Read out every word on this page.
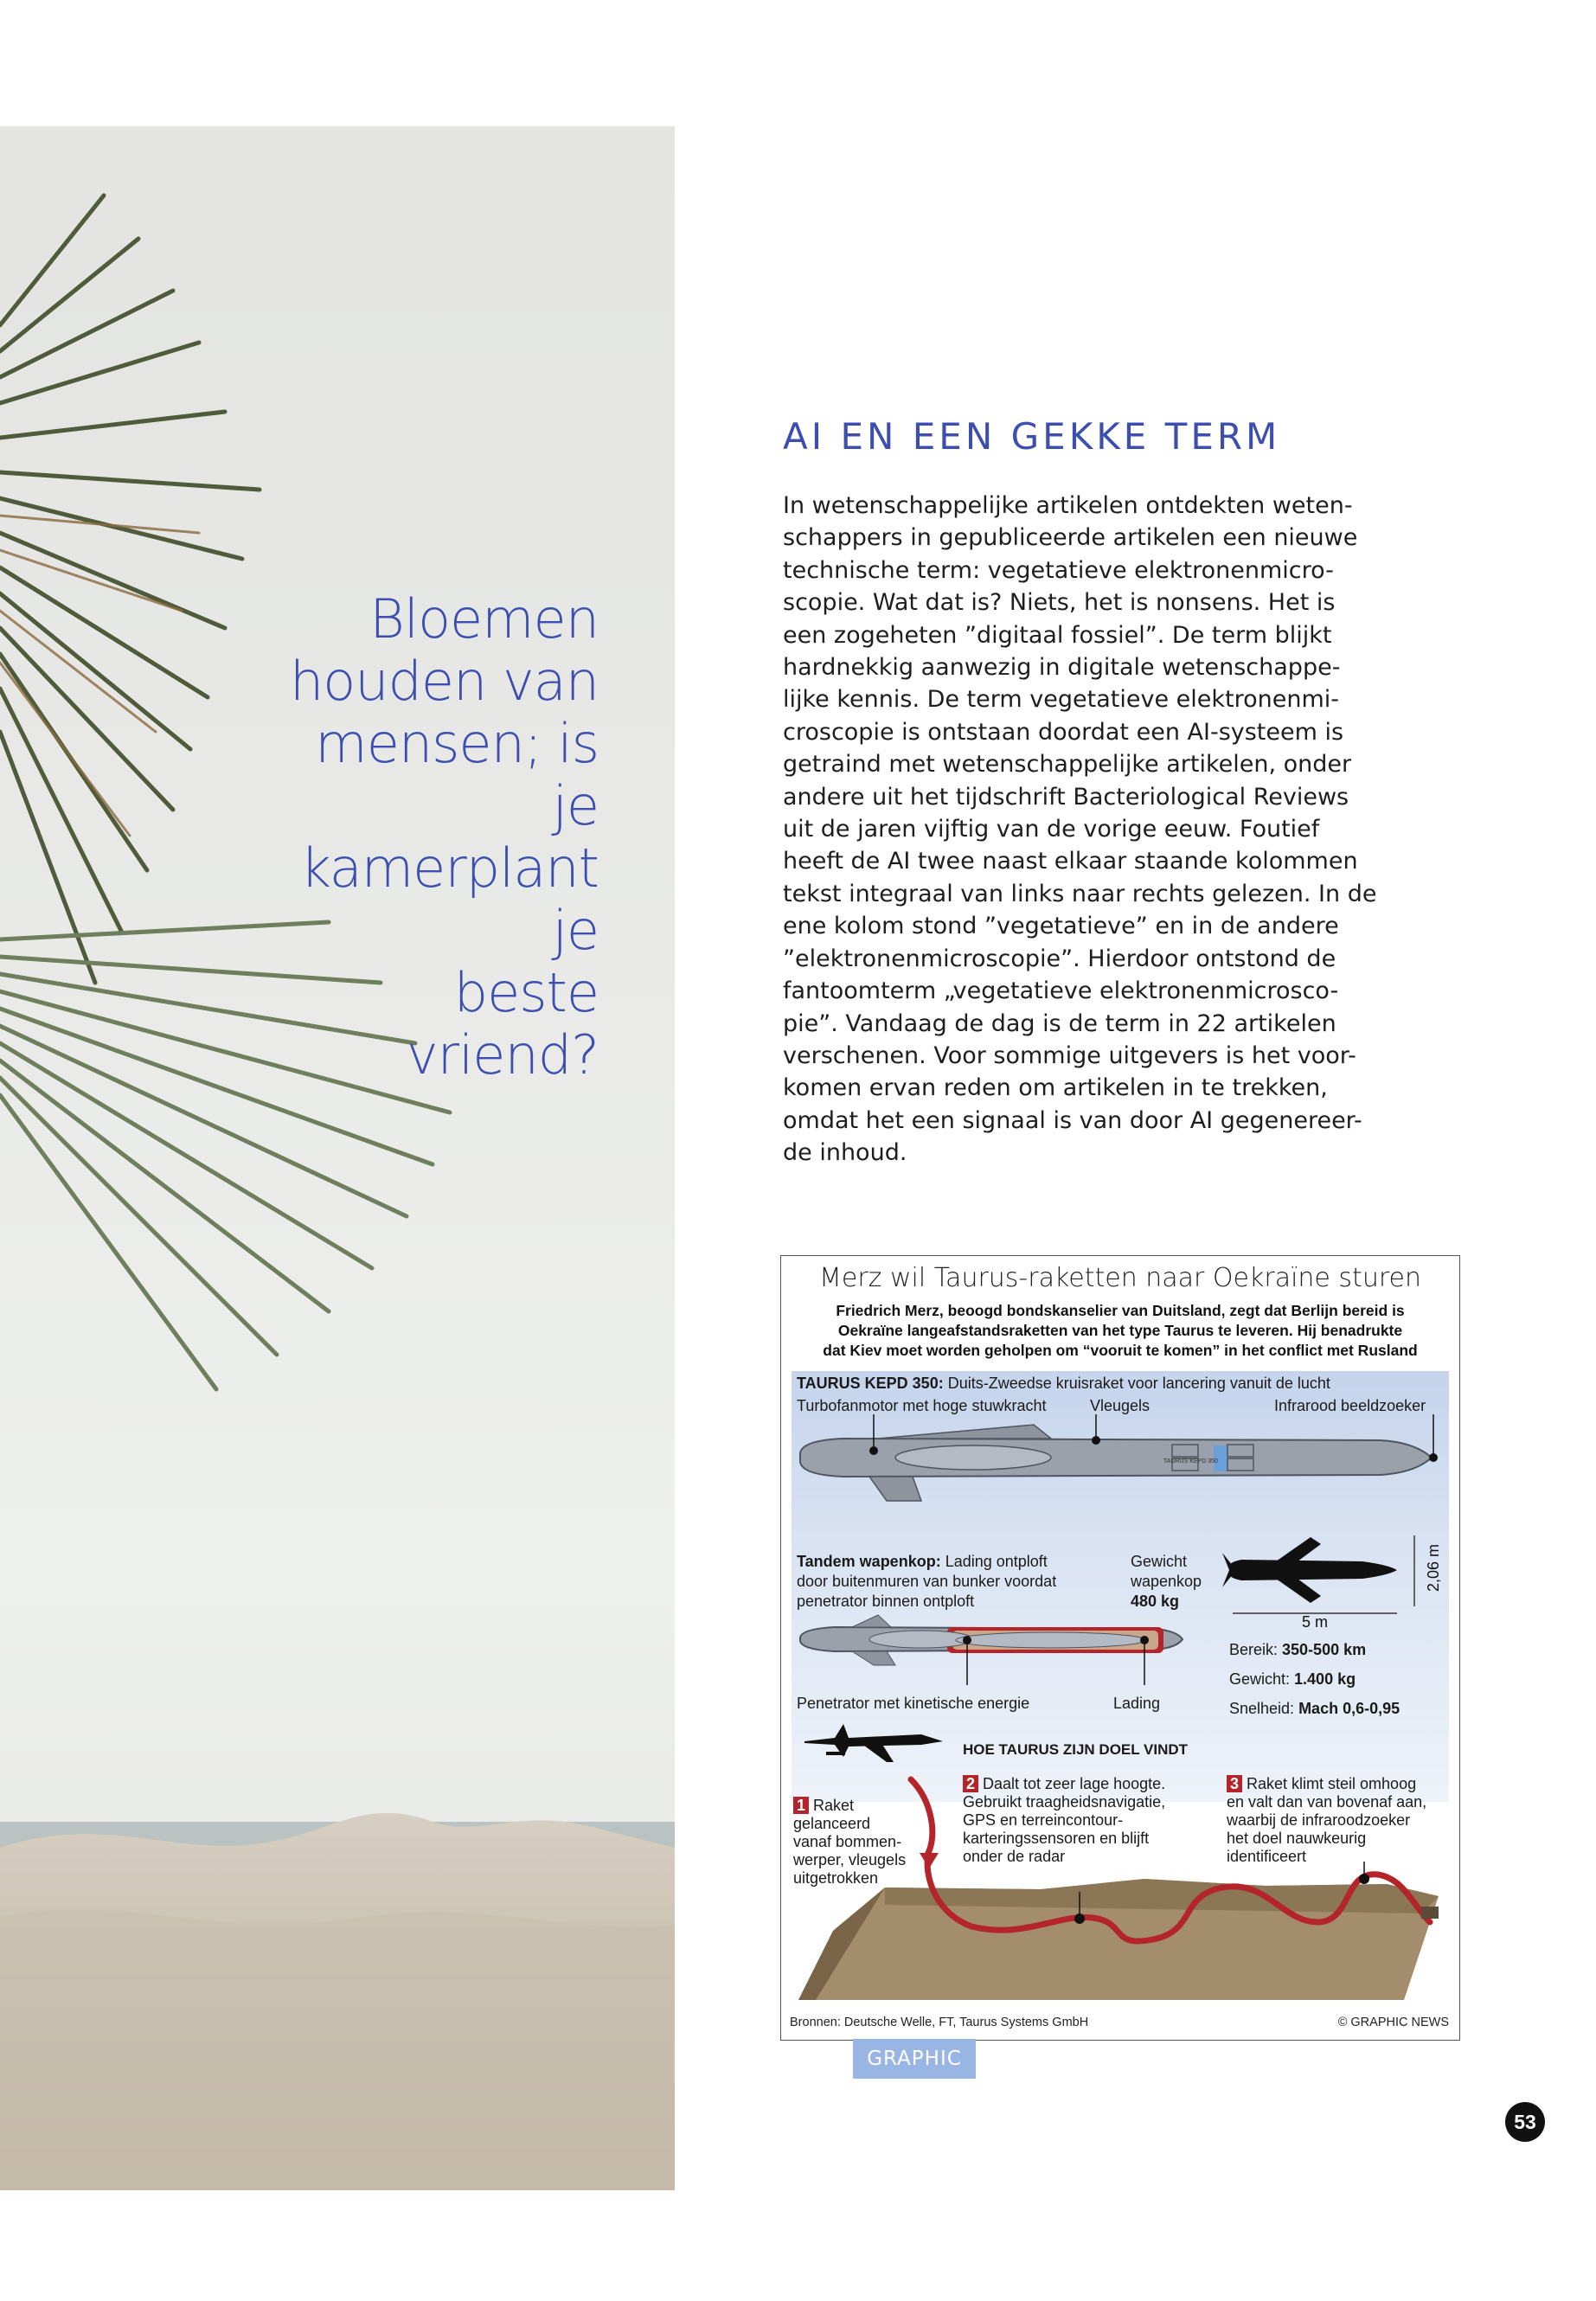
Bloemen
houden van
mensen; is je
kamerplant je
beste vriend?
AI EN EEN GEKKE TERM
In wetenschappelijke artikelen ontdekten weten-
schappers in gepubliceerde artikelen een nieuwe
technische term: vegetatieve elektronenmicro-
scopie. Wat dat is? Niets, het is nonsens. Het is
een zogeheten ”digitaal fossiel”. De term blijkt
hardnekkig aanwezig in digitale wetenschappe-
lijke kennis. De term vegetatieve elektronenmi-
croscopie is ontstaan doordat een AI-systeem is
getraind met wetenschappelijke artikelen, onder
andere uit het tijdschrift Bacteriological Reviews
uit de jaren vijftig van de vorige eeuw. Foutief
heeft de AI twee naast elkaar staande kolommen
tekst integraal van links naar rechts gelezen. In de
ene kolom stond ”vegetatieve” en in de andere
”elektronenmicroscopie”. Hierdoor ontstond de
fantoomterm „vegetatieve elektronenmicrosco-
pie”. Vandaag de dag is de term in 22 artikelen
verschenen. Voor sommige uitgevers is het voor-
komen ervan reden om artikelen in te trekken,
omdat het een signaal is van door AI gegenereer-
de inhoud.
Merz wil Taurus-raketten naar Oekraïne sturen
Friedrich Merz, beoogd bondskanselier van Duitsland, zegt dat Berlijn bereid is
Oekraïne langeafstandsraketten van het type Taurus te leveren. Hij benadrukte
dat Kiev moet worden geholpen om “vooruit te komen” in het conflict met Rusland
TAURUS KEPD 350: Duits-Zweedse kruisraket voor lancering vanuit de lucht
Turbofanmotor met hoge stuwkracht	Vleugels	Infrarood beeldzoeker
TAURUS KEPD 350
5 m
2,06 m
Tandem wapenkop: Lading ontploft
door buitenmuren van bunker voordat
penetrator binnen ontploft
Gewicht
wapenkop
480 kg
Bereik: 350-500 km
Gewicht: 1.400 kg
Snelheid: Mach 0,6-0,95
Penetrator met kinetische energie	Lading
HOE TAURUS ZIJN DOEL VINDT
1 Raket
gelanceerd
vanaf bommen-
werper, vleugels
uitgetrokken
2 Daalt tot zeer lage hoogte.
Gebruikt traagheidsnavigatie,
GPS en terreincontour-
karteringssensoren en blijft
onder de radar
3 Raket klimt steil omhoog
en valt dan van bovenaf aan,
waarbij de infraroodzoeker
het doel nauwkeurig
identificeert
Bronnen: Deutsche Welle, FT, Taurus Systems GmbH	© GRAPHIC NEWS
GRAPHIC
53
